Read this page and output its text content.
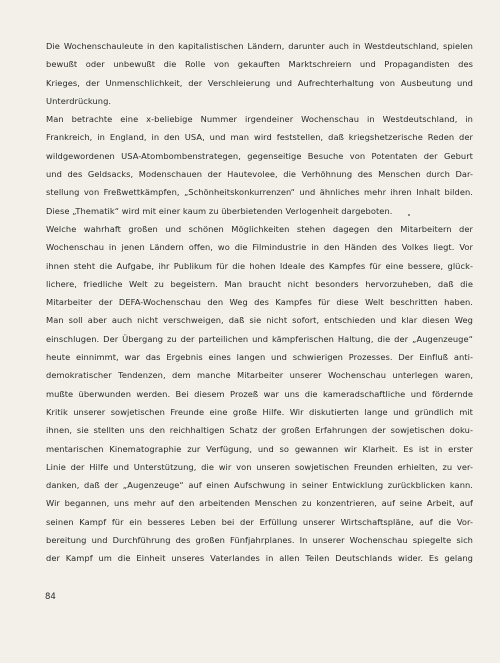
Die Wochenschauleute in den kapitalistischen Ländern, darunter auch in Westdeutschland, spielen
bewußt oder unbewußt die Rolle von gekauften Marktschreiern und Propagandisten des
Krieges, der Unmenschlichkeit, der Verschleierung und Aufrechterhaltung von Ausbeutung und
Unterdrückung.
Man betrachte eine x-beliebige Nummer irgendeiner Wochenschau in Westdeutschland, in
Frankreich, in England, in den USA, und man wird feststellen, daß kriegshetzerische Reden der
wildgewordenen USA-Atombombenstrategen, gegenseitige Besuche von Potentaten der Geburt
und des Geldsacks, Modenschauen der Hautevolee, die Verhöhnung des Menschen durch Dar-
stellung von Freßwettkämpfen, „Schönheitskonkurrenzen“ und ähnliches mehr ihren Inhalt bilden.
Diese „Thematik“ wird mit einer kaum zu überbietenden Verlogenheit dargeboten.
Welche wahrhaft großen und schönen Möglichkeiten stehen dagegen den Mitarbeitern der
Wochenschau in jenen Ländern offen, wo die Filmindustrie in den Händen des Volkes liegt. Vor
ihnen steht die Aufgabe, ihr Publikum für die hohen Ideale des Kampfes für eine bessere, glück-
lichere, friedliche Welt zu begeistern. Man braucht nicht besonders hervorzuheben, daß die
Mitarbeiter der DEFA-Wochenschau den Weg des Kampfes für diese Welt beschritten haben.
Man soll aber auch nicht verschweigen, daß sie nicht sofort, entschieden und klar diesen Weg
einschlugen. Der Übergang zu der parteilichen und kämpferischen Haltung, die der „Augenzeuge“
heute einnimmt, war das Ergebnis eines langen und schwierigen Prozesses. Der Einfluß anti-
demokratischer Tendenzen, dem manche Mitarbeiter unserer Wochenschau unterlegen waren,
mußte überwunden werden. Bei diesem Prozeß war uns die kameradschaftliche und fördernde
Kritik unserer sowjetischen Freunde eine große Hilfe. Wir diskutierten lange und gründlich mit
ihnen, sie stellten uns den reichhaltigen Schatz der großen Erfahrungen der sowjetischen doku-
mentarischen Kinematographie zur Verfügung, und so gewannen wir Klarheit. Es ist in erster
Linie der Hilfe und Unterstützung, die wir von unseren sowjetischen Freunden erhielten, zu ver-
danken, daß der „Augenzeuge“ auf einen Aufschwung in seiner Entwicklung zurückblicken kann.
Wir begannen, uns mehr auf den arbeitenden Menschen zu konzentrieren, auf seine Arbeit, auf
seinen Kampf für ein besseres Leben bei der Erfüllung unserer Wirtschaftspläne, auf die Vor-
bereitung und Durchführung des großen Fünfjahrplanes. In unserer Wochenschau spiegelte sich
der Kampf um die Einheit unseres Vaterlandes in allen Teilen Deutschlands wider. Es gelang
84
